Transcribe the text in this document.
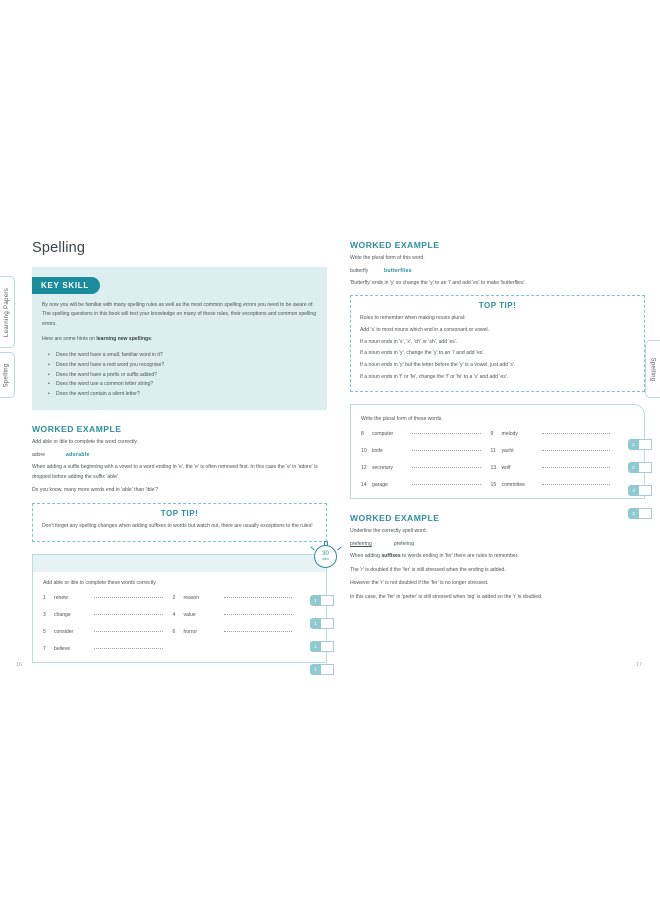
Learning Papers
Spelling	Spelling
Spelling
KEY SKILL

By now you will be familiar with many spelling rules as well as the most common spelling errors you need to be aware of. The spelling questions in this book will test your knowledge on many of these rules, their exceptions and common spelling errors.

Here are some hints on learning new spellings:

• Does the word have a small, familiar word in it?
• Does the word have a root word you recognise?
• Does the word have a prefix or suffix added?
• Does the word use a common letter string?
• Does the word contain a silent letter?
WORKED EXAMPLE

Add able or ible to complete the word correctly.

adore	adorable

When adding a suffix beginning with a vowel to a word ending in 'e', the 'e' is often removed first. In this case the 'e' in 'adore' is dropped before adding the suffix 'able'.

Do you know, many more words end in 'able' than 'ible'?

TOP TIP!

Don't forget any spelling changes when adding suffixes to words but watch out, there are usually exceptions to the rules!

30
mins

Add able or ible to complete these words correctly.

1	renew	2	reason
3	change	4	value
5	consider	6	horror
7	believe
1
1
1
1
WORKED EXAMPLE

Write the plural form of this word.

butterfly	butterflies

'Butterfly' ends in 'y' so change the 'y' to an 'i' and add 'es' to make 'butterflies'.

TOP TIP!

Rules to remember when making nouns plural:

Add 's' to most nouns which end in a consonant or vowel.

If a noun ends in 's', 'x', 'ch' or 'sh', add 'es'.

If a noun ends in 'y', change the 'y' to an 'i' and add 'es'.

If a noun ends in 'y' but the letter before the 'y' is a vowel, just add 's'.

If a noun ends in 'f' or 'fe', change the 'f' or 'fe' to a 'v' and add 'es'.

Write the plural form of these words.

8	computer	9	melody
10	knife	11	yacht
12	secretary	13	wolf
14	garage	15	committee
2
2
2
2
WORKED EXAMPLE

Underline the correctly spelt word.

preferring	prefering

When adding suffixes to words ending in 'fer' there are rules to remember.

The 'r' is doubled if the 'fer' is still stressed when the ending is added.

However the 'r' is not doubled if the 'fer' is no longer stressed.

In this case, the 'fer' in 'prefer' is still stressed when 'ing' is added so the 'r' is doubled.

16	17
